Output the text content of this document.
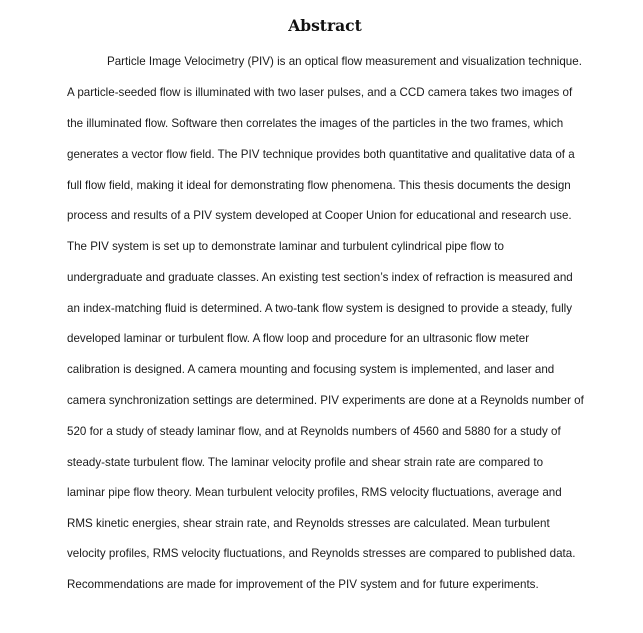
Abstract
Particle Image Velocimetry (PIV) is an optical flow measurement and visualization technique.
A particle-seeded flow is illuminated with two laser pulses, and a CCD camera takes two images of
the illuminated flow. Software then correlates the images of the particles in the two frames, which
generates a vector flow field. The PIV technique provides both quantitative and qualitative data of a
full flow field, making it ideal for demonstrating flow phenomena. This thesis documents the design
process and results of a PIV system developed at Cooper Union for educational and research use.
The PIV system is set up to demonstrate laminar and turbulent cylindrical pipe flow to
undergraduate and graduate classes. An existing test section’s index of refraction is measured and
an index-matching fluid is determined. A two-tank flow system is designed to provide a steady, fully
developed laminar or turbulent flow. A flow loop and procedure for an ultrasonic flow meter
calibration is designed. A camera mounting and focusing system is implemented, and laser and
camera synchronization settings are determined. PIV experiments are done at a Reynolds number of
520 for a study of steady laminar flow, and at Reynolds numbers of 4560 and 5880 for a study of
steady-state turbulent flow. The laminar velocity profile and shear strain rate are compared to
laminar pipe flow theory. Mean turbulent velocity profiles, RMS velocity fluctuations, average and
RMS kinetic energies, shear strain rate, and Reynolds stresses are calculated. Mean turbulent
velocity profiles, RMS velocity fluctuations, and Reynolds stresses are compared to published data.
Recommendations are made for improvement of the PIV system and for future experiments.
